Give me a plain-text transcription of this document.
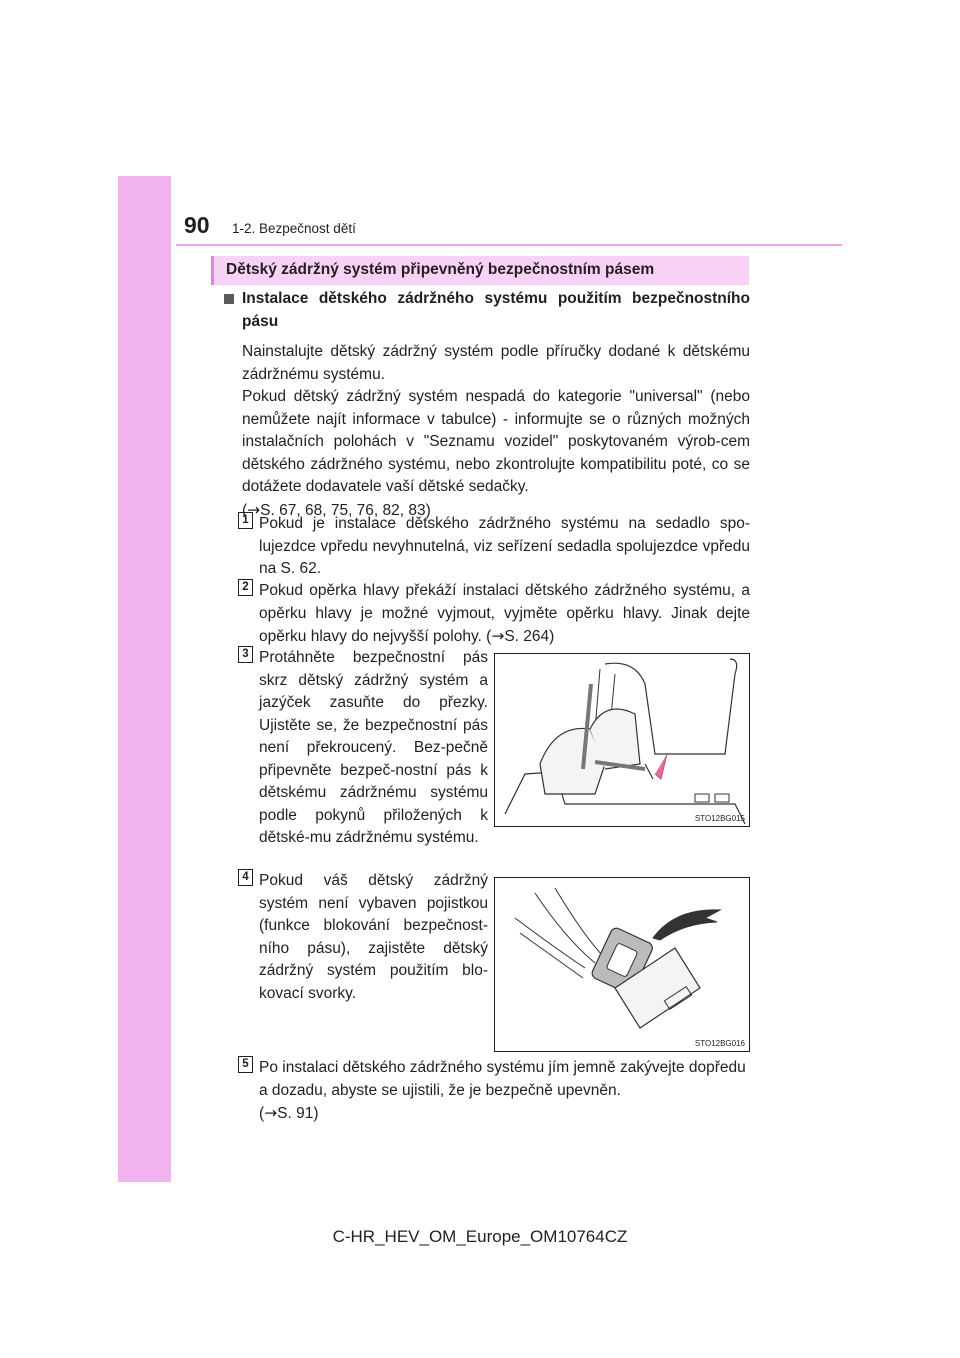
90 1-2. Bezpečnost dětí
Dětský zádržný systém připevněný bezpečnostním pásem
Instalace dětského zádržného systému použitím bezpečnostního pásu
Nainstalujte dětský zádržný systém podle příručky dodané k dětskému zádržnému systému.
Pokud dětský zádržný systém nespadá do kategorie "universal" (nebo nemůžete najít informace v tabulce) - informujte se o různých možných instalačních polohách v "Seznamu vozidel" poskytovaném výrob-cem dětského zádržného systému, nebo zkontrolujte kompatibilitu poté, co se dotážete dodavatele vaší dětské sedačky.
(→S. 67, 68, 75, 76, 82, 83)
1 Pokud je instalace dětského zádržného systému na sedadlo spo-lujezdce vpředu nevyhnutelná, viz seřízení sedadla spolujezdce vpředu na S. 62.
2 Pokud opěrka hlavy překáží instalaci dětského zádržného systému, a opěrku hlavy je možné vyjmout, vyjměte opěrku hlavy. Jinak dejte opěrku hlavy do nejvyšší polohy. (→S. 264)
3 Protáhněte bezpečnostní pás skrz dětský zádržný systém a jazýček zasuňte do přezky. Ujistěte se, že bezpečnostní pás není překroucený. Bez-pečně připevněte bezpeč-nostní pás k dětskému zádržnému systému podle pokynů přiložených k dětské-mu zádržnému systému.
STO12BG015
4 Pokud váš dětský zádržný systém není vybaven pojistkou (funkce blokování bezpečnost-ního pásu), zajistěte dětský zádržný systém použitím blo-kovací svorky.
STO12BG016
5 Po instalaci dětského zádržného systému jím jemně zakývejte dopředu a dozadu, abyste se ujistili, že je bezpečně upevněn.
(→S. 91)
C-HR_HEV_OM_Europe_OM10764CZ
